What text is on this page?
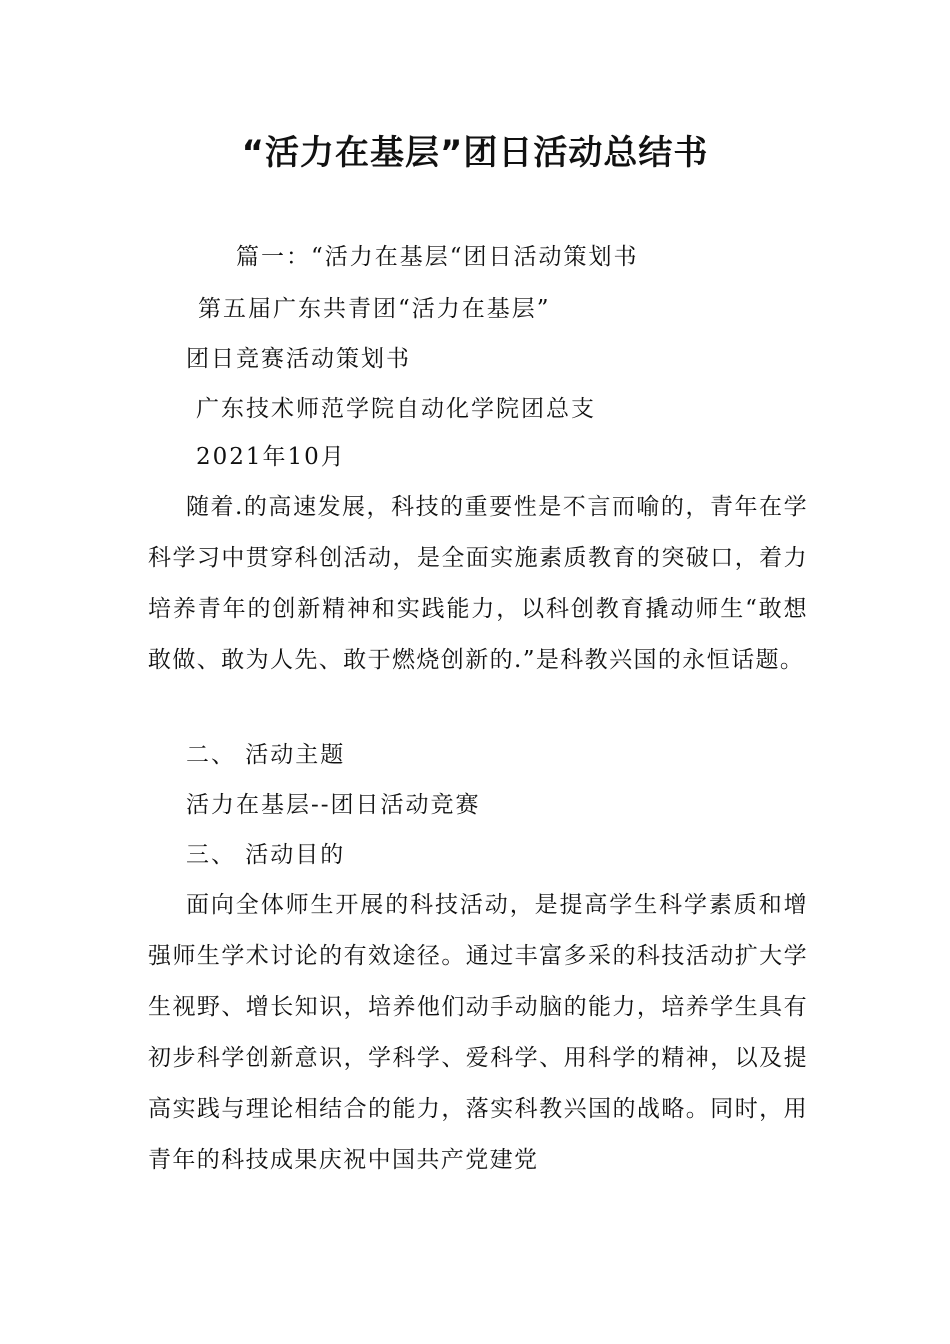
“活力在基层”团日活动总结书
篇一：“活力在基层“团日活动策划书
第五届广东共青团“活力在基层”
团日竞赛活动策划书
广东技术师范学院自动化学院团总支
2021年10月
随着.的高速发展，科技的重要性是不言而喻的，青年在学科学习中贯穿科创活动，是全面实施素质教育的突破口，着力培养青年的创新精神和实践能力，以科创教育撬动师生“敢想敢做、敢为人先、敢于燃烧创新的.”是科教兴国的永恒话题。
二、 活动主题
活力在基层--团日活动竞赛
三、 活动目的
面向全体师生开展的科技活动，是提高学生科学素质和增强师生学术讨论的有效途径。通过丰富多采的科技活动扩大学生视野、增长知识，培养他们动手动脑的能力，培养学生具有初步科学创新意识，学科学、爱科学、用科学的精神，以及提高实践与理论相结合的能力，落实科教兴国的战略。同时，用青年的科技成果庆祝中国共产党建党
